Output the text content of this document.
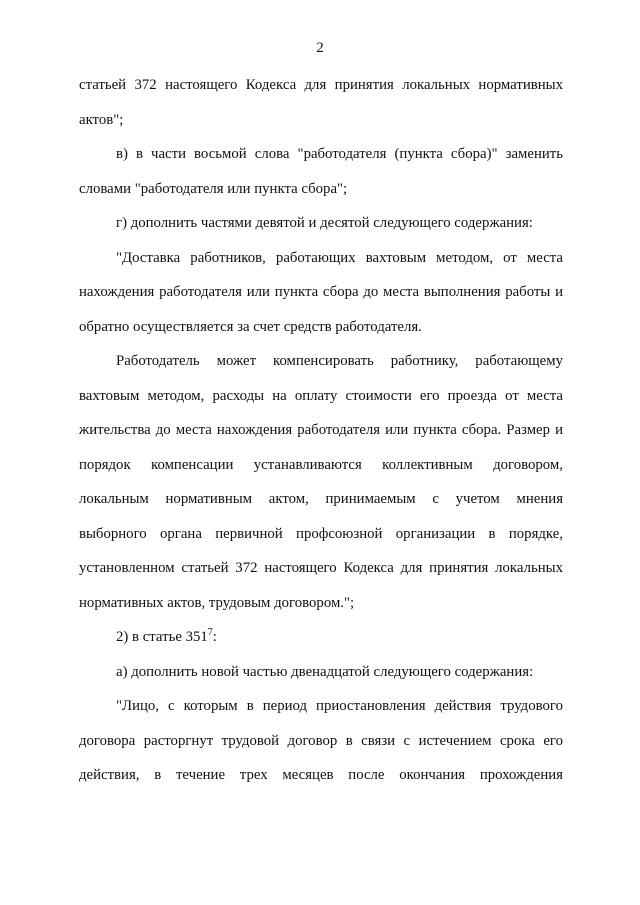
2

статьей 372 настоящего Кодекса для принятия локальных нормативных
актов";

в) в части восьмой слова "работодателя (пункта сбора)" заменить
словами "работодателя или пункта сбора";

г) дополнить частями девятой и десятой следующего содержания:

"Доставка работников, работающих вахтовым методом, от места
нахождения работодателя или пункта сбора до места выполнения работы и
обратно осуществляется за счет средств работодателя.

Работодатель может компенсировать работнику, работающему
вахтовым методом, расходы на оплату стоимости его проезда от места
жительства до места нахождения работодателя или пункта сбора. Размер и
порядок компенсации устанавливаются коллективным договором,
локальным нормативным актом, принимаемым с учетом мнения
выборного органа первичной профсоюзной организации в порядке,
установленном статьей 372 настоящего Кодекса для принятия локальных
нормативных актов, трудовым договором.";

2) в статье $351^7$:

а) дополнить новой частью двенадцатой следующего содержания:

"Лицо, с которым в период приостановления действия трудового
договора расторгнут трудовой договор в связи с истечением срока его
действия, в течение трех месяцев после окончания прохождения
